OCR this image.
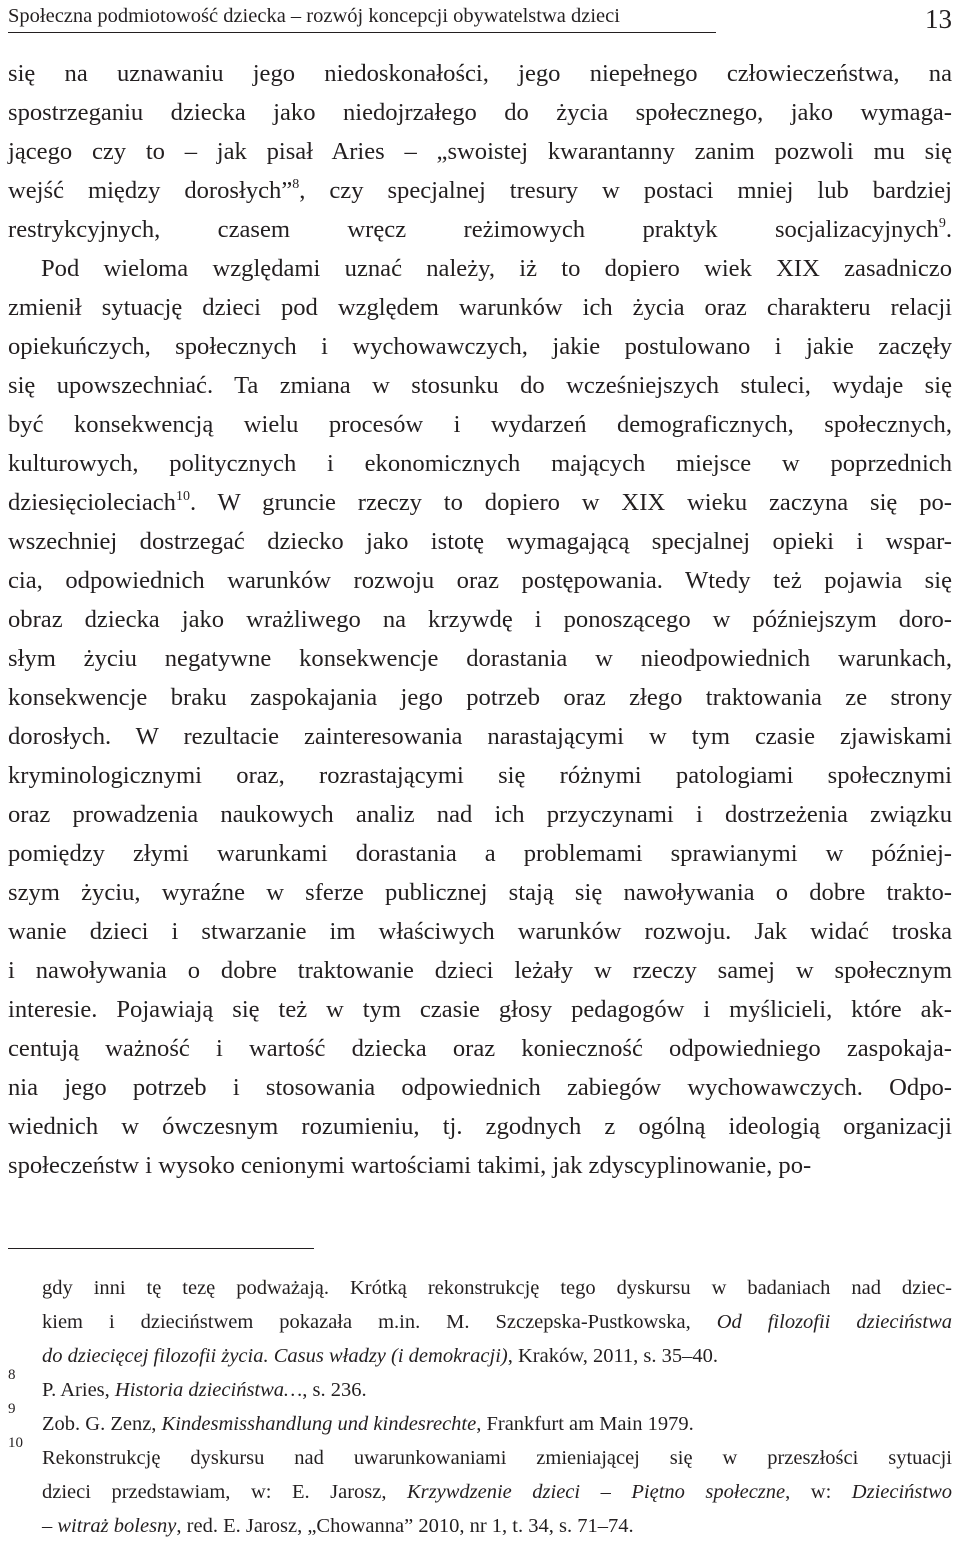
Społeczna podmiotowość dziecka – rozwój koncepcji obywatelstwa dzieci	13
się na uznawaniu jego niedoskonałości, jego niepełnego człowieczeństwa, na
spostrzeganiu dziecka jako niedojrzałego do życia społecznego, jako wymaga-
jącego czy to – jak pisał Aries – „swoistej kwarantanny zanim pozwoli mu się
wejść między dorosłych”$^8$, czy specjalnej tresury w postaci mniej lub bardziej
restrykcyjnych, czasem wręcz reżimowych praktyk socjalizacyjnych$^9$.
Pod wieloma względami uznać należy, iż to dopiero wiek XIX zasadniczo
zmienił sytuację dzieci pod względem warunków ich życia oraz charakteru relacji
opiekuńczych, społecznych i wychowawczych, jakie postulowano i jakie zaczęły
się upowszechniać. Ta zmiana w stosunku do wcześniejszych stuleci, wydaje się
być konsekwencją wielu procesów i wydarzeń demograficznych, społecznych,
kulturowych, politycznych i ekonomicznych mających miejsce w poprzednich
dziesięcioleciach$^{10}$. W gruncie rzeczy to dopiero w XIX wieku zaczyna się po-
wszechniej dostrzegać dziecko jako istotę wymagającą specjalnej opieki i wspar-
cia, odpowiednich warunków rozwoju oraz postępowania. Wtedy też pojawia się
obraz dziecka jako wrażliwego na krzywdę i ponoszącego w późniejszym doro-
słym życiu negatywne konsekwencje dorastania w nieodpowiednich warunkach,
konsekwencje braku zaspokajania jego potrzeb oraz złego traktowania ze strony
dorosłych. W rezultacie zainteresowania narastającymi w tym czasie zjawiskami
kryminologicznymi oraz, rozrastającymi się różnymi patologiami społecznymi
oraz prowadzenia naukowych analiz nad ich przyczynami i dostrzeżenia związku
pomiędzy złymi warunkami dorastania a problemami sprawianymi w później-
szym życiu, wyraźne w sferze publicznej stają się nawoływania o dobre trakto-
wanie dzieci i stwarzanie im właściwych warunków rozwoju. Jak widać troska
i nawoływania o dobre traktowanie dzieci leżały w rzeczy samej w społecznym
interesie. Pojawiają się też w tym czasie głosy pedagogów i myślicieli, które ak-
centują ważność i wartość dziecka oraz konieczność odpowiedniego zaspokaja-
nia jego potrzeb i stosowania odpowiednich zabiegów wychowawczych. Odpo-
wiednich w ówczesnym rozumieniu, tj. zgodnych z ogólną ideologią organizacji
społeczeństw i wysoko cenionymi wartościami takimi, jak zdyscyplinowanie, po-
gdy inni tę tezę podważają. Krótką rekonstrukcję tego dyskursu w badaniach nad dziec-
kiem i dzieciństwem pokazała m.in. M. Szczepska-Pustkowska, Od filozofii dzieciństwa
do dziecięcej filozofii życia. Casus władzy (i demokracji), Kraków, 2011, s. 35–40.
8
P. Aries, Historia dzieciństwa…, s. 236.
9
Zob. G. Zenz, Kindesmisshandlung und kindesrechte, Frankfurt am Main 1979.
10
Rekonstrukcję dyskursu nad uwarunkowaniami zmieniającej się w przeszłości sytuacji
dzieci przedstawiam, w: E. Jarosz, Krzywdzenie dzieci – Piętno społeczne, w: Dzieciństwo
– witraż bolesny, red. E. Jarosz, „Chowanna” 2010, nr 1, t. 34, s. 71–74.
